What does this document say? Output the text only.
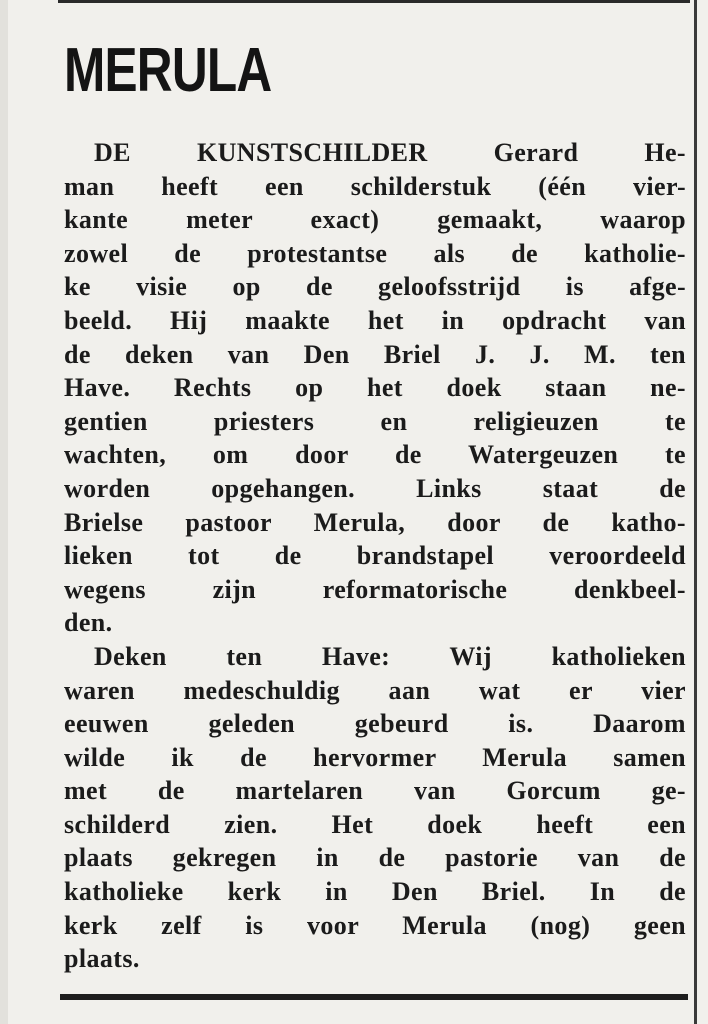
MERULA
DE KUNSTSCHILDER Gerard He-
man heeft een schilderstuk (één vier-
kante meter exact) gemaakt, waarop
zowel de protestantse als de katholie-
ke visie op de geloofsstrijd is afge-
beeld. Hij maakte het in opdracht van
de deken van Den Briel J. J. M. ten
Have. Rechts op het doek staan ne-
gentien priesters en religieuzen te
wachten, om door de Watergeuzen te
worden opgehangen. Links staat de
Brielse pastoor Merula, door de katho-
lieken tot de brandstapel veroordeeld
wegens zijn reformatorische denkbeel-
den.
Deken ten Have: Wij katholieken
waren medeschuldig aan wat er vier
eeuwen geleden gebeurd is. Daarom
wilde ik de hervormer Merula samen
met de martelaren van Gorcum ge-
schilderd zien. Het doek heeft een
plaats gekregen in de pastorie van de
katholieke kerk in Den Briel. In de
kerk zelf is voor Merula (nog) geen
plaats.
